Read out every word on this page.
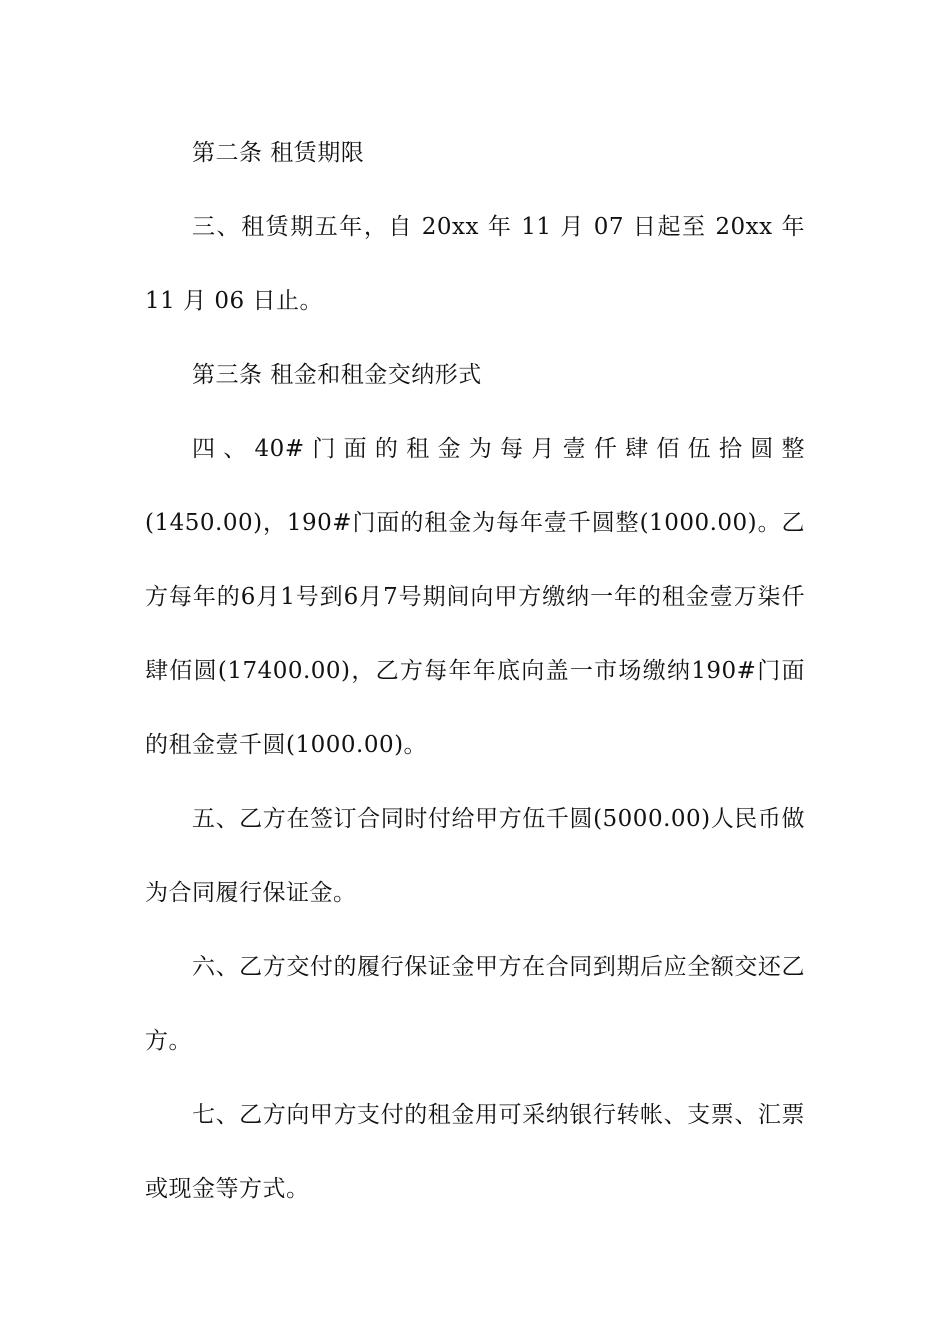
第二条 租赁期限

三、租赁期五年，自 20xx 年 11 月 07 日起至 20xx 年 11 月 06 日止。

第三条 租金和租金交纳形式

四、40#门面的租金为每月壹仟肆佰伍拾圆整(1450.00)，190#门面的租金为每年壹千圆整(1000.00)。乙方每年的6月1号到6月7号期间向甲方缴纳一年的租金壹万柒仟肆佰圆(17400.00)，乙方每年年底向盖一市场缴纳190#门面的租金壹千圆(1000.00)。

五、乙方在签订合同时付给甲方伍千圆(5000.00)人民币做为合同履行保证金。

六、乙方交付的履行保证金甲方在合同到期后应全额交还乙方。

七、乙方向甲方支付的租金用可采纳银行转帐、支票、汇票或现金等方式。
